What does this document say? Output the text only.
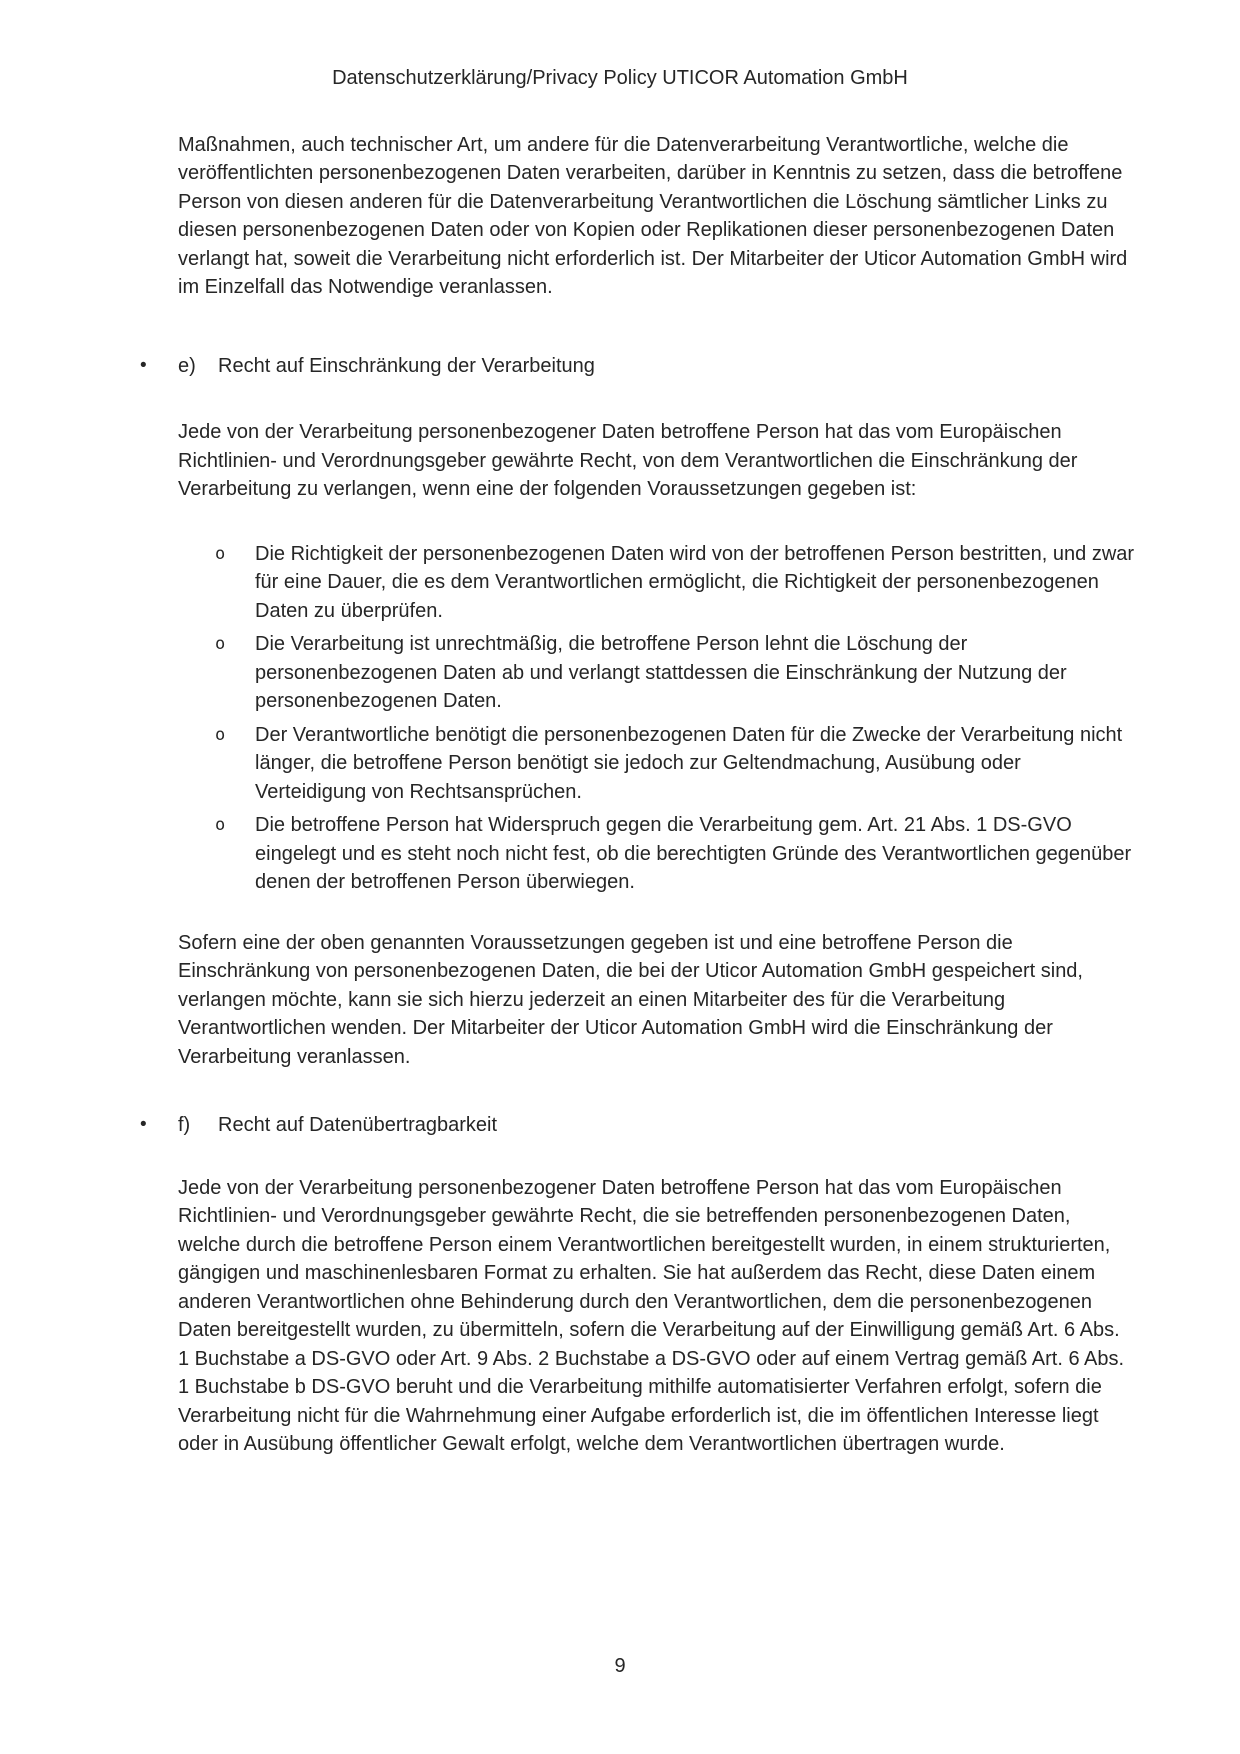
Datenschutzerklärung/Privacy Policy UTICOR Automation GmbH

Maßnahmen, auch technischer Art, um andere für die Datenverarbeitung Verantwortliche, welche die veröffentlichten personenbezogenen Daten verarbeiten, darüber in Kenntnis zu setzen, dass die betroffene Person von diesen anderen für die Datenverarbeitung Verantwortlichen die Löschung sämtlicher Links zu diesen personenbezogenen Daten oder von Kopien oder Replikationen dieser personenbezogenen Daten verlangt hat, soweit die Verarbeitung nicht erforderlich ist. Der Mitarbeiter der Uticor Automation GmbH wird im Einzelfall das Notwendige veranlassen.

•	e)	Recht auf Einschränkung der Verarbeitung

Jede von der Verarbeitung personenbezogener Daten betroffene Person hat das vom Europäischen Richtlinien- und Verordnungsgeber gewährte Recht, von dem Verantwortlichen die Einschränkung der Verarbeitung zu verlangen, wenn eine der folgenden Voraussetzungen gegeben ist:

o	Die Richtigkeit der personenbezogenen Daten wird von der betroffenen Person bestritten, und zwar für eine Dauer, die es dem Verantwortlichen ermöglicht, die Richtigkeit der personenbezogenen Daten zu überprüfen.
o	Die Verarbeitung ist unrechtmäßig, die betroffene Person lehnt die Löschung der personenbezogenen Daten ab und verlangt stattdessen die Einschränkung der Nutzung der personenbezogenen Daten.
o	Der Verantwortliche benötigt die personenbezogenen Daten für die Zwecke der Verarbeitung nicht länger, die betroffene Person benötigt sie jedoch zur Geltendmachung, Ausübung oder Verteidigung von Rechtsansprüchen.
o	Die betroffene Person hat Widerspruch gegen die Verarbeitung gem. Art. 21 Abs. 1 DS-GVO eingelegt und es steht noch nicht fest, ob die berechtigten Gründe des Verantwortlichen gegenüber denen der betroffenen Person überwiegen.

Sofern eine der oben genannten Voraussetzungen gegeben ist und eine betroffene Person die Einschränkung von personenbezogenen Daten, die bei der Uticor Automation GmbH gespeichert sind, verlangen möchte, kann sie sich hierzu jederzeit an einen Mitarbeiter des für die Verarbeitung Verantwortlichen wenden. Der Mitarbeiter der Uticor Automation GmbH wird die Einschränkung der Verarbeitung veranlassen.

•	f)	Recht auf Datenübertragbarkeit

Jede von der Verarbeitung personenbezogener Daten betroffene Person hat das vom Europäischen Richtlinien- und Verordnungsgeber gewährte Recht, die sie betreffenden personenbezogenen Daten, welche durch die betroffene Person einem Verantwortlichen bereitgestellt wurden, in einem strukturierten, gängigen und maschinenlesbaren Format zu erhalten. Sie hat außerdem das Recht, diese Daten einem anderen Verantwortlichen ohne Behinderung durch den Verantwortlichen, dem die personenbezogenen Daten bereitgestellt wurden, zu übermitteln, sofern die Verarbeitung auf der Einwilligung gemäß Art. 6 Abs. 1 Buchstabe a DS-GVO oder Art. 9 Abs. 2 Buchstabe a DS-GVO oder auf einem Vertrag gemäß Art. 6 Abs. 1 Buchstabe b DS-GVO beruht und die Verarbeitung mithilfe automatisierter Verfahren erfolgt, sofern die Verarbeitung nicht für die Wahrnehmung einer Aufgabe erforderlich ist, die im öffentlichen Interesse liegt oder in Ausübung öffentlicher Gewalt erfolgt, welche dem Verantwortlichen übertragen wurde.

9
